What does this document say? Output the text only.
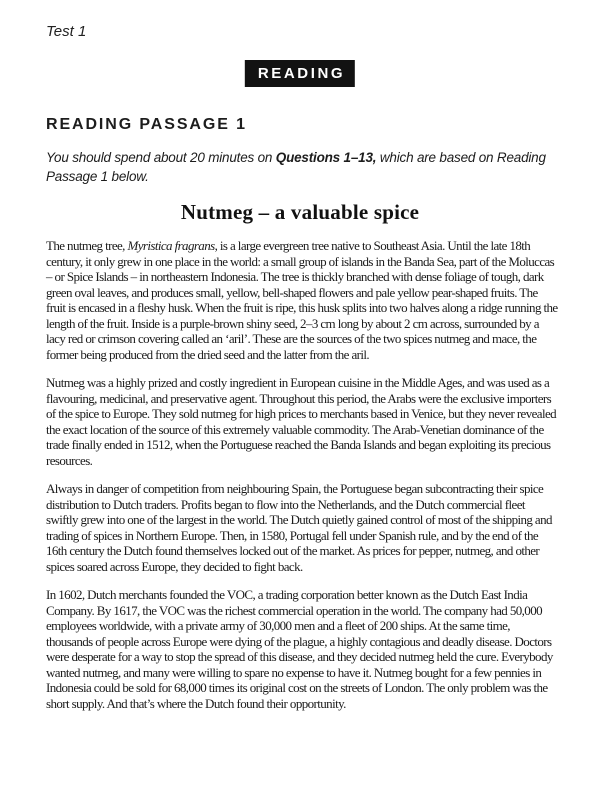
Test 1
READING
READING PASSAGE 1

You should spend about 20 minutes on Questions 1–13, which are based on Reading Passage 1 below.

Nutmeg – a valuable spice

The nutmeg tree, Myristica fragrans, is a large evergreen tree native to Southeast Asia. Until the late 18th century, it only grew in one place in the world: a small group of islands in the Banda Sea, part of the Moluccas – or Spice Islands – in northeastern Indonesia. The tree is thickly branched with dense foliage of tough, dark green oval leaves, and produces small, yellow, bell-shaped flowers and pale yellow pear-shaped fruits. The fruit is encased in a fleshy husk. When the fruit is ripe, this husk splits into two halves along a ridge running the length of the fruit. Inside is a purple-brown shiny seed, 2–3 cm long by about 2 cm across, surrounded by a lacy red or crimson covering called an ‘aril’. These are the sources of the two spices nutmeg and mace, the former being produced from the dried seed and the latter from the aril.

Nutmeg was a highly prized and costly ingredient in European cuisine in the Middle Ages, and was used as a flavouring, medicinal, and preservative agent. Throughout this period, the Arabs were the exclusive importers of the spice to Europe. They sold nutmeg for high prices to merchants based in Venice, but they never revealed the exact location of the source of this extremely valuable commodity. The Arab-Venetian dominance of the trade finally ended in 1512, when the Portuguese reached the Banda Islands and began exploiting its precious resources.

Always in danger of competition from neighbouring Spain, the Portuguese began subcontracting their spice distribution to Dutch traders. Profits began to flow into the Netherlands, and the Dutch commercial fleet swiftly grew into one of the largest in the world. The Dutch quietly gained control of most of the shipping and trading of spices in Northern Europe. Then, in 1580, Portugal fell under Spanish rule, and by the end of the 16th century the Dutch found themselves locked out of the market. As prices for pepper, nutmeg, and other spices soared across Europe, they decided to fight back.

In 1602, Dutch merchants founded the VOC, a trading corporation better known as the Dutch East India Company. By 1617, the VOC was the richest commercial operation in the world. The company had 50,000 employees worldwide, with a private army of 30,000 men and a fleet of 200 ships. At the same time, thousands of people across Europe were dying of the plague, a highly contagious and deadly disease. Doctors were desperate for a way to stop the spread of this disease, and they decided nutmeg held the cure. Everybody wanted nutmeg, and many were willing to spare no expense to have it. Nutmeg bought for a few pennies in Indonesia could be sold for 68,000 times its original cost on the streets of London. The only problem was the short supply. And that’s where the Dutch found their opportunity.
